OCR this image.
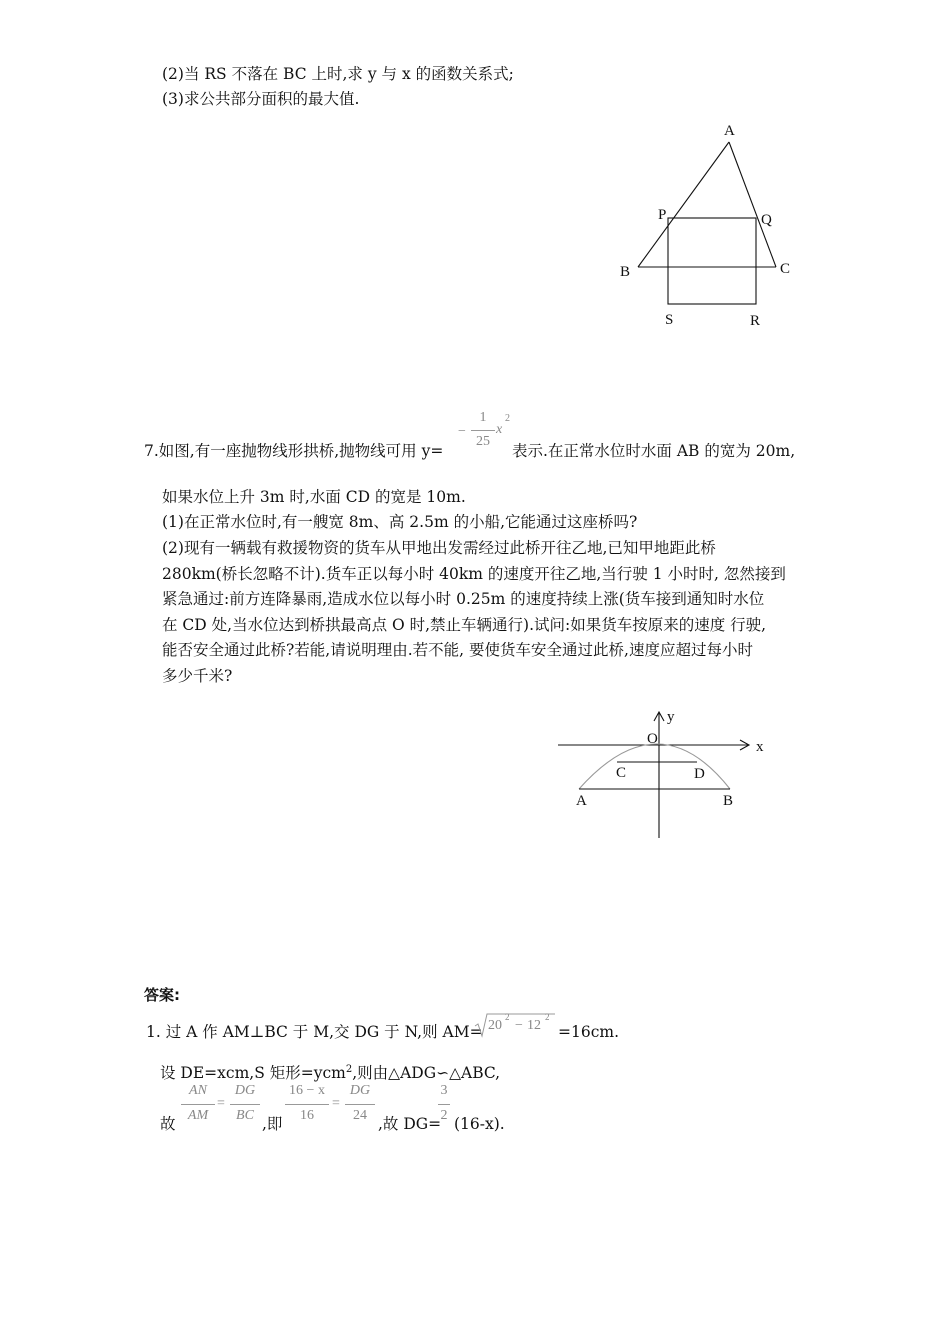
(2)当 RS 不落在 BC 上时,求 y 与 x 的函数关系式;
(3)求公共部分面积的最大值.
A
P	Q
B	C
S	R
7.如图,有一座抛物线形拱桥,抛物线可用 y=
−
1
25
x
2
表示.在正常水位时水面 AB 的宽为 20m,
如果水位上升 3m 时,水面 CD 的宽是 10m.
(1)在正常水位时,有一艘宽 8m、高 2.5m 的小船,它能通过这座桥吗?
(2)现有一辆载有救援物资的货车从甲地出发需经过此桥开往乙地,已知甲地距此桥
280km(桥长忽略不计).货车正以每小时 40km 的速度开往乙地,当行驶 1 小时时, 忽然接到
紧急通过:前方连降暴雨,造成水位以每小时 0.25m 的速度持续上涨(货车接到通知时水位
在 CD 处,当水位达到桥拱最高点 O 时,禁止车辆通行).试问:如果货车按原来的速度 行驶,
能否安全通过此桥?若能,请说明理由.若不能, 要使货车安全通过此桥,速度应超过每小时
多少千米?
y
O	x
C	D
A	B
答案:
1. 过 A 作 AM⊥BC 于 M,交 DG 于 N,则 AM= 20
2
− 12
2
=16cm.
设 DE=xcm,S 矩形=ycm$^2$,则由△ADG∽△ABC,
故
AN
AM
=
DG
BC ,即
16 − x
16
=
DG
24 ,故 DG=
3
2 (16-x).
